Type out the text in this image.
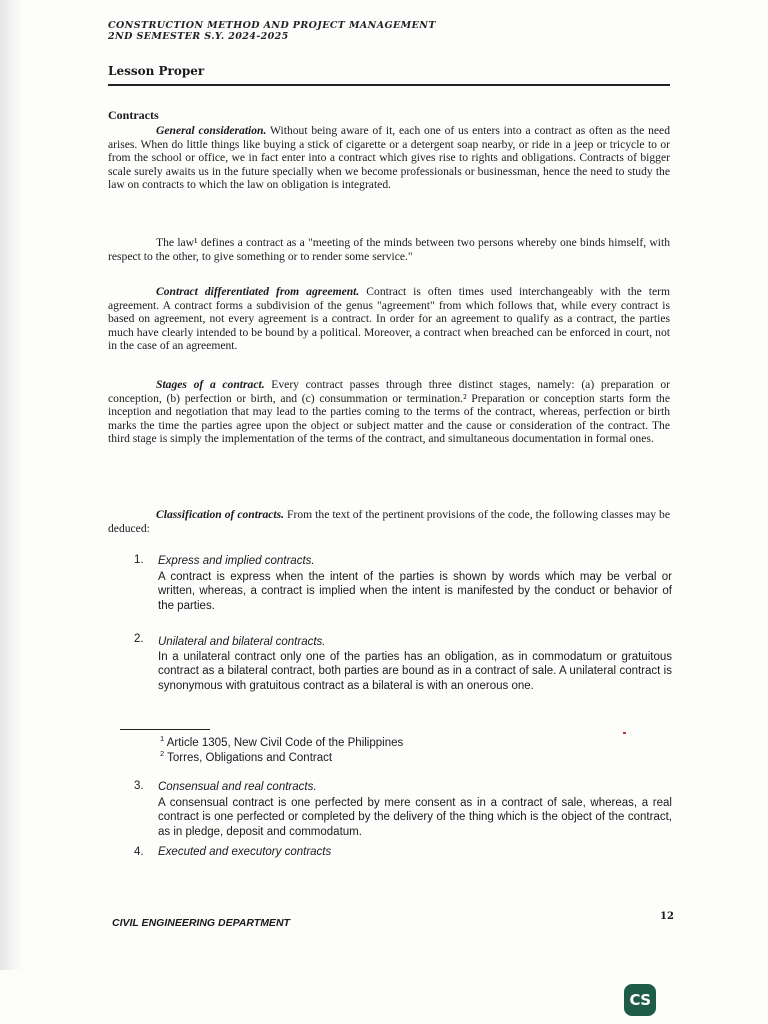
CONSTRUCTION METHOD AND PROJECT MANAGEMENT
2ND SEMESTER S.Y. 2024-2025
Lesson Proper
Contracts
General consideration. Without being aware of it, each one of us enters into a contract as often as the need arises. When do little things like buying a stick of cigarette or a detergent soap nearby, or ride in a jeep or tricycle to or from the school or office, we in fact enter into a contract which gives rise to rights and obligations. Contracts of bigger scale surely awaits us in the future specially when we become professionals or businessman, hence the need to study the law on contracts to which the law on obligation is integrated.
The law¹ defines a contract as a "meeting of the minds between two persons whereby one binds himself, with respect to the other, to give something or to render some service."
Contract differentiated from agreement. Contract is often times used interchangeably with the term agreement. A contract forms a subdivision of the genus "agreement" from which follows that, while every contract is based on agreement, not every agreement is a contract. In order for an agreement to qualify as a contract, the parties much have clearly intended to be bound by a political. Moreover, a contract when breached can be enforced in court, not in the case of an agreement.
Stages of a contract. Every contract passes through three distinct stages, namely: (a) preparation or conception, (b) perfection or birth, and (c) consummation or termination.² Preparation or conception starts form the inception and negotiation that may lead to the parties coming to the terms of the contract, whereas, perfection or birth marks the time the parties agree upon the object or subject matter and the cause or consideration of the contract. The third stage is simply the implementation of the terms of the contract, and simultaneous documentation in formal ones.
Classification of contracts. From the text of the pertinent provisions of the code, the following classes may be deduced:
1. Express and implied contracts.
A contract is express when the intent of the parties is shown by words which may be verbal or written, whereas, a contract is implied when the intent is manifested by the conduct or behavior of the parties.
2. Unilateral and bilateral contracts.
In a unilateral contract only one of the parties has an obligation, as in commodatum or gratuitous contract as a bilateral contract, both parties are bound as in a contract of sale. A unilateral contract is synonymous with gratuitous contract as a bilateral is with an onerous one.
$^1$ Article 1305, New Civil Code of the Philippines
$^2$ Torres, Obligations and Contract
3. Consensual and real contracts.
A consensual contract is one perfected by mere consent as in a contract of sale, whereas, a real contract is one perfected or completed by the delivery of the thing which is the object of the contract, as in pledge, deposit and commodatum.
4. Executed and executory contracts
CIVIL ENGINEERING DEPARTMENT
12
CS
